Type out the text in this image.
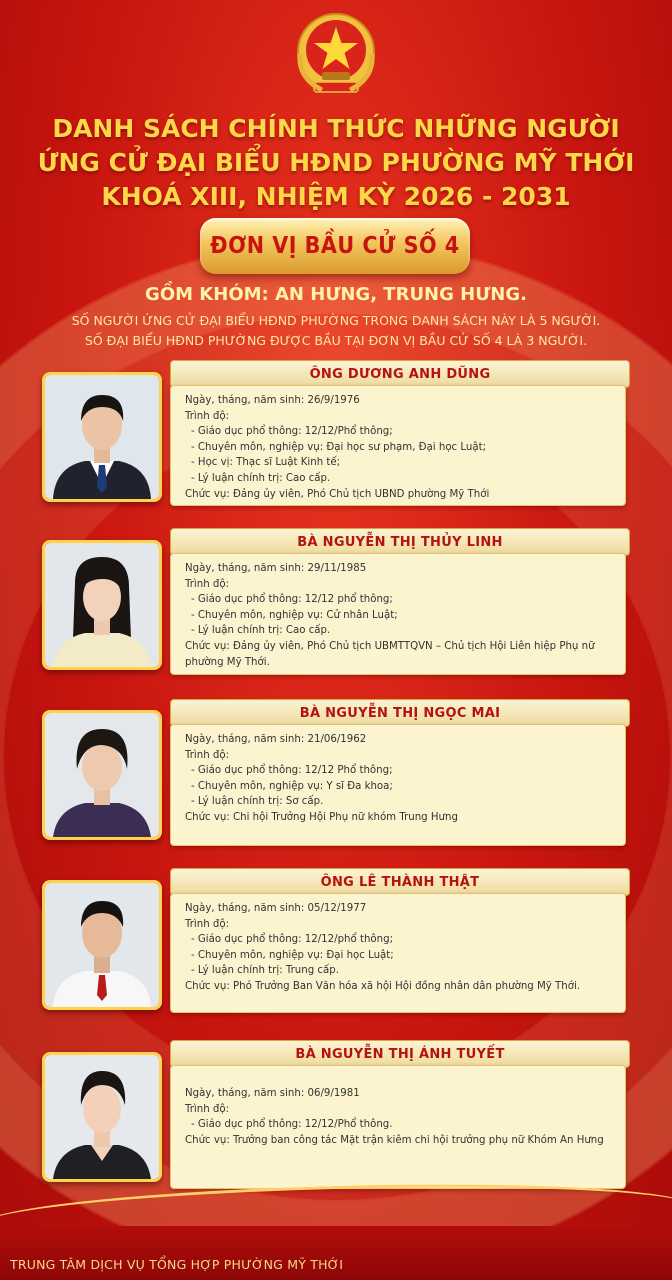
DANH SÁCH CHÍNH THỨC NHỮNG NGƯỜI
ỨNG CỬ ĐẠI BIỂU HĐND PHƯỜNG MỸ THỚI
KHOÁ XIII, NHIỆM KỲ 2026 - 2031
ĐƠN VỊ BẦU CỬ SỐ 4
GỒM KHÓM: AN HƯNG, TRUNG HƯNG.
SỐ NGƯỜI ỨNG CỬ ĐẠI BIỂU HĐND PHƯỜNG TRONG DANH SÁCH NÀY LÀ 5 NGƯỜI.
SỐ ĐẠI BIỂU HĐND PHƯỜNG ĐƯỢC BẦU TẠI ĐƠN VỊ BẦU CỬ SỐ 4 LÀ 3 NGƯỜI.
ÔNG DƯƠNG ANH DŨNG
Ngày, tháng, năm sinh: 26/9/1976
Trình độ:
- Giáo dục phổ thông: 12/12/Phổ thông;
- Chuyên môn, nghiệp vụ: Đại học sư phạm, Đại học Luật;
- Học vị: Thạc sĩ Luật Kinh tế;
- Lý luận chính trị: Cao cấp.
Chức vụ: Đảng ủy viên, Phó Chủ tịch UBND phường Mỹ Thới
BÀ NGUYỄN THỊ THỦY LINH
Ngày, tháng, năm sinh: 29/11/1985
Trình độ:
- Giáo dục phổ thông: 12/12 phổ thông;
- Chuyên môn, nghiệp vụ: Cử nhân Luật;
- Lý luận chính trị: Cao cấp.
Chức vụ: Đảng ủy viên, Phó Chủ tịch UBMTTQVN – Chủ tịch Hội Liên hiệp Phụ nữ phường Mỹ Thới.
BÀ NGUYỄN THỊ NGỌC MAI
Ngày, tháng, năm sinh: 21/06/1962
Trình độ:
- Giáo dục phổ thông: 12/12 Phổ thông;
- Chuyên môn, nghiệp vụ: Y sĩ Đa khoa;
- Lý luận chính trị: Sơ cấp.
Chức vụ: Chi hội Trưởng Hội Phụ nữ khóm Trung Hưng
ÔNG LÊ THÀNH THẬT
Ngày, tháng, năm sinh: 05/12/1977
Trình độ:
- Giáo dục phổ thông: 12/12/phổ thông;
- Chuyên môn, nghiệp vụ: Đại học Luật;
- Lý luận chính trị: Trung cấp.
Chức vụ: Phó Trưởng Ban Văn hóa xã hội Hội đồng nhân dân phường Mỹ Thới.
BÀ NGUYỄN THỊ ÁNH TUYẾT
Ngày, tháng, năm sinh: 06/9/1981
Trình độ:
- Giáo dục phổ thông: 12/12/Phổ thông.
Chức vụ: Trưởng ban công tác Mặt trận kiêm chi hội trưởng phụ nữ Khóm An Hưng
TRUNG TÂM DỊCH VỤ TỔNG HỢP PHƯỜNG MỸ THỚI
